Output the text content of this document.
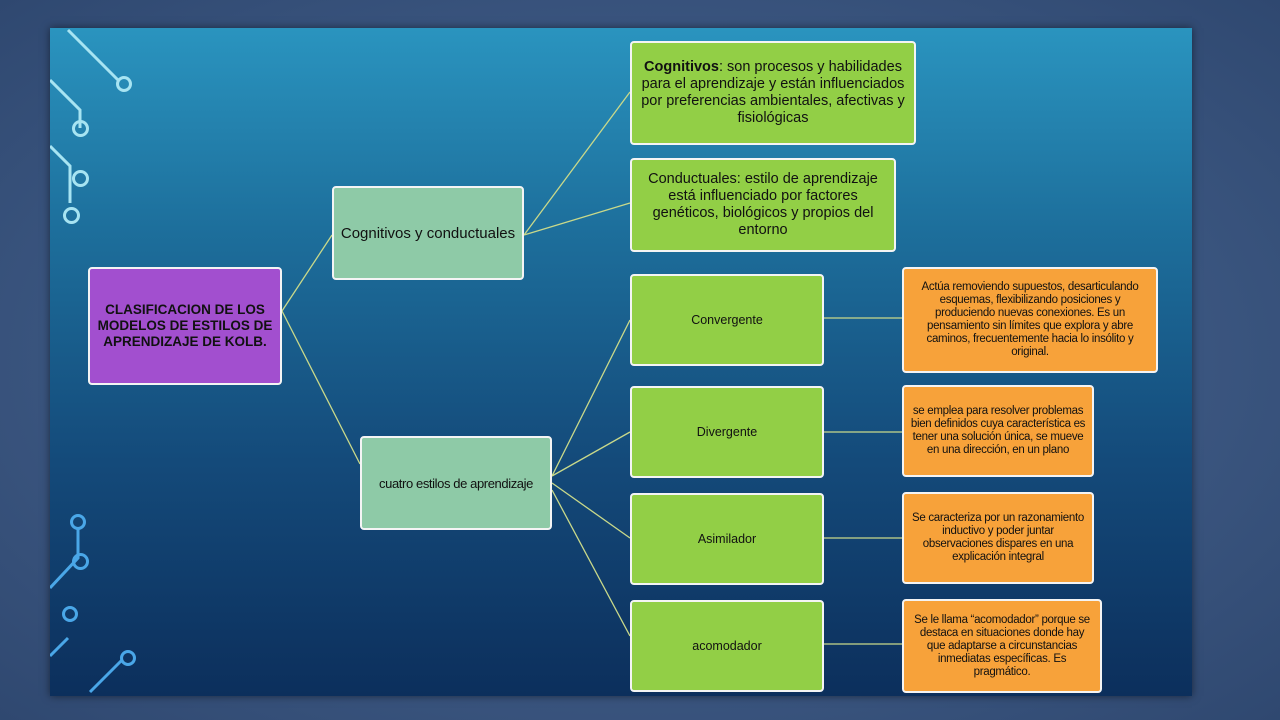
CLASIFICACION DE LOS MODELOS DE ESTILOS DE APRENDIZAJE DE KOLB.
Cognitivos y conductuales
cuatro estilos de aprendizaje
Cognitivos: son procesos y habilidades para el aprendizaje y están influenciados por preferencias ambientales, afectivas y fisiológicas
Conductuales: estilo de aprendizaje está influenciado por factores genéticos, biológicos y propios del entorno
Convergente
Divergente
Asimilador
acomodador
Actúa removiendo supuestos, desarticulando esquemas, flexibilizando posiciones y produciendo nuevas conexiones. Es un pensamiento sin límites que explora y abre caminos, frecuentemente hacia lo insólito y original.
se emplea para resolver problemas bien definidos cuya característica es tener una solución única, se mueve en una dirección, en un plano
Se caracteriza por un razonamiento inductivo y poder juntar observaciones dispares en una explicación integral
Se le llama “acomodador” porque se destaca en situaciones donde hay que adaptarse a circunstancias inmediatas específicas. Es pragmático.
